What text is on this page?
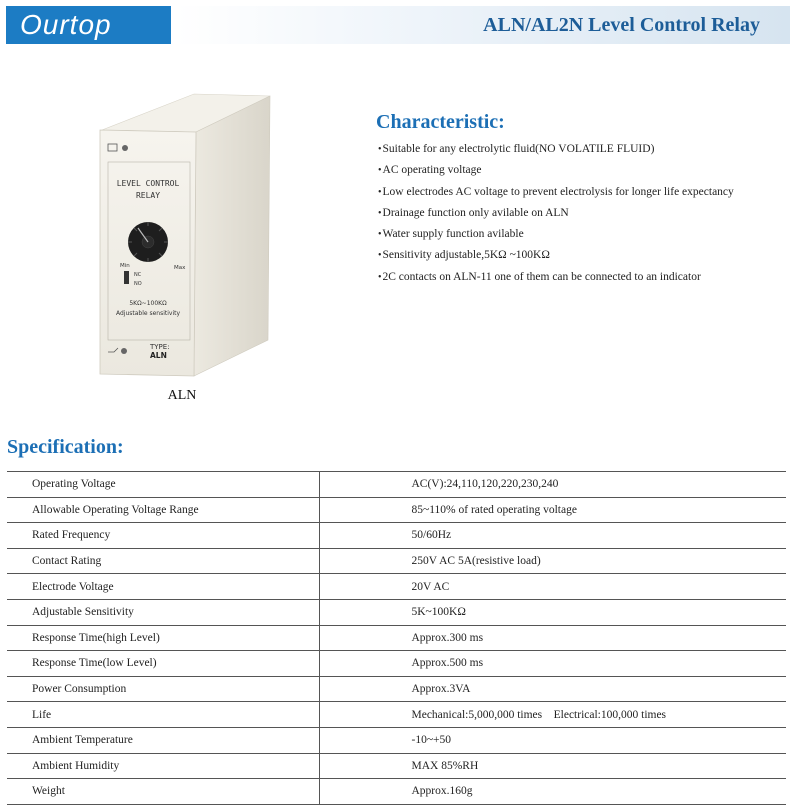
Ourtop	ALN/AL2N Level Control Relay
LEVEL CONTROL
RELAY
Min	Max
NC
NO
5KΩ~100KΩ
Adjustable sensitivity
TYPE:
ALN
ALN
Characteristic:
• Suitable for any electrolytic fluid(NO VOLATILE FLUID)
• AC operating voltage
• Low electrodes AC voltage to prevent electrolysis for longer life expectancy
• Drainage function only avilable on ALN
• Water supply function avilable
• Sensitivity adjustable,5KΩ ~100KΩ
• 2C contacts on ALN-11 one of them can be connected to an indicator
Specification:
Operating Voltage	AC(V):24,110,120,220,230,240
Allowable Operating Voltage Range	85~110% of rated operating voltage
Rated Frequency	50/60Hz
Contact Rating	250V AC 5A(resistive load)
Electrode Voltage	20V AC
Adjustable Sensitivity	5K~100KΩ
Response Time(high Level)	Approx.300 ms
Response Time(low Level)	Approx.500 ms
Power Consumption	Approx.3VA
Life	Mechanical:5,000,000 times    Electrical:100,000 times
Ambient Temperature	-10~+50
Ambient Humidity	MAX 85%RH
Weight	Approx.160g
